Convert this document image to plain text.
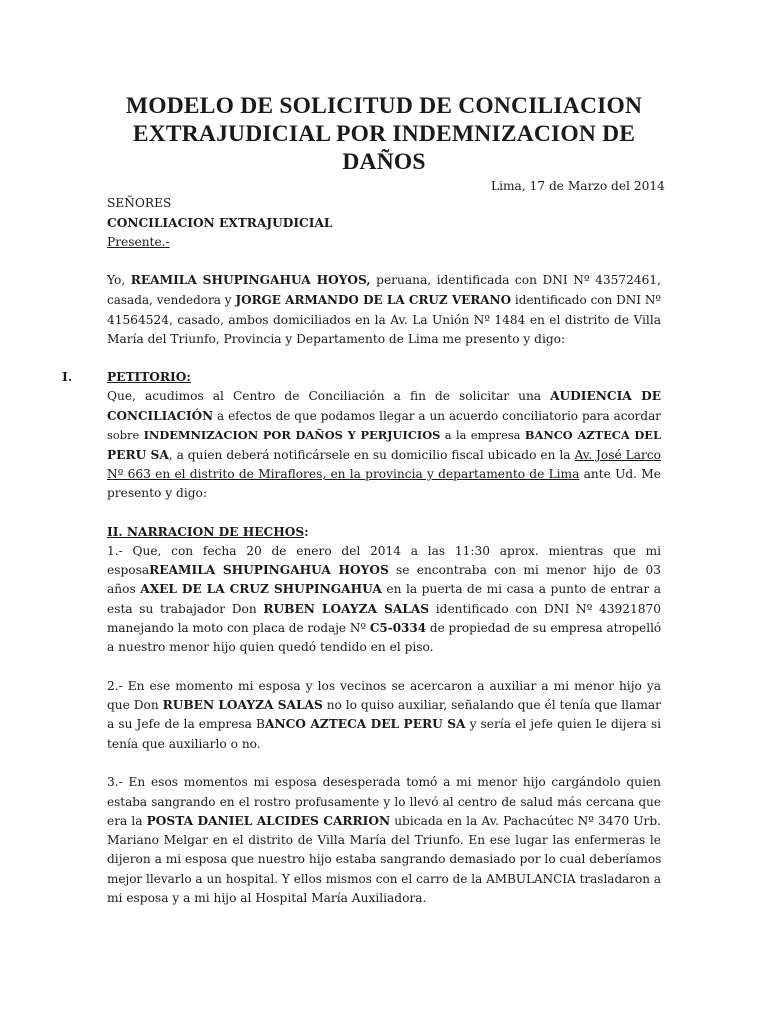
MODELO DE SOLICITUD DE CONCILIACION
EXTRAJUDICIAL POR INDEMNIZACION DE
DAÑOS
Lima, 17 de Marzo del 2014
SEÑORES
CONCILIACION EXTRAJUDICIAL
Presente.-
Yo, REAMILA SHUPINGAHUA HOYOS, peruana, identificada con DNI Nº 43572461,
casada, vendedora y JORGE ARMANDO DE LA CRUZ VERANO identificado con DNI Nº
41564524, casado, ambos domiciliados en la Av. La Unión Nº 1484 en el distrito de Villa
María del Triunfo, Provincia y Departamento de Lima me presento y digo:
I.	PETITORIO:
Que, acudimos al Centro de Conciliación a fin de solicitar una AUDIENCIA DE
CONCILIACIÓN a efectos de que podamos llegar a un acuerdo conciliatorio para acordar
sobre INDEMNIZACION POR DAÑOS Y PERJUICIOS a la empresa BANCO AZTECA DEL
PERU SA, a quien deberá notificársele en su domicilio fiscal ubicado en la Av. José Larco
Nº 663 en el distrito de Miraflores, en la provincia y departamento de Lima ante Ud. Me
presento y digo:
II. NARRACION DE HECHOS:
1.- Que, con fecha 20 de enero del 2014 a las 11:30 aprox. mientras que mi
esposaREAMILA SHUPINGAHUA HOYOS se encontraba con mi menor hijo de 03
años AXEL DE LA CRUZ SHUPINGAHUA en la puerta de mi casa a punto de entrar a
esta su trabajador Don RUBEN LOAYZA SALAS identificado con DNI Nº 43921870
manejando la moto con placa de rodaje Nº C5-0334 de propiedad de su empresa atropelló
a nuestro menor hijo quien quedó tendido en el piso.
2.- En ese momento mi esposa y los vecinos se acercaron a auxiliar a mi menor hijo ya
que Don RUBEN LOAYZA SALAS no lo quiso auxiliar, señalando que él tenía que llamar
a su Jefe de la empresa BANCO AZTECA DEL PERU SA y sería el jefe quien le dijera si
tenía que auxiliarlo o no.
3.- En esos momentos mi esposa desesperada tomó a mi menor hijo cargándolo quien
estaba sangrando en el rostro profusamente y lo llevó al centro de salud más cercana que
era la POSTA DANIEL ALCIDES CARRION ubicada en la Av. Pachacútec Nº 3470 Urb.
Mariano Melgar en el distrito de Villa María del Triunfo. En ese lugar las enfermeras le
dijeron a mi esposa que nuestro hijo estaba sangrando demasiado por lo cual deberíamos
mejor llevarlo a un hospital. Y ellos mismos con el carro de la AMBULANCIA trasladaron a
mi esposa y a mi hijo al Hospital María Auxiliadora.
